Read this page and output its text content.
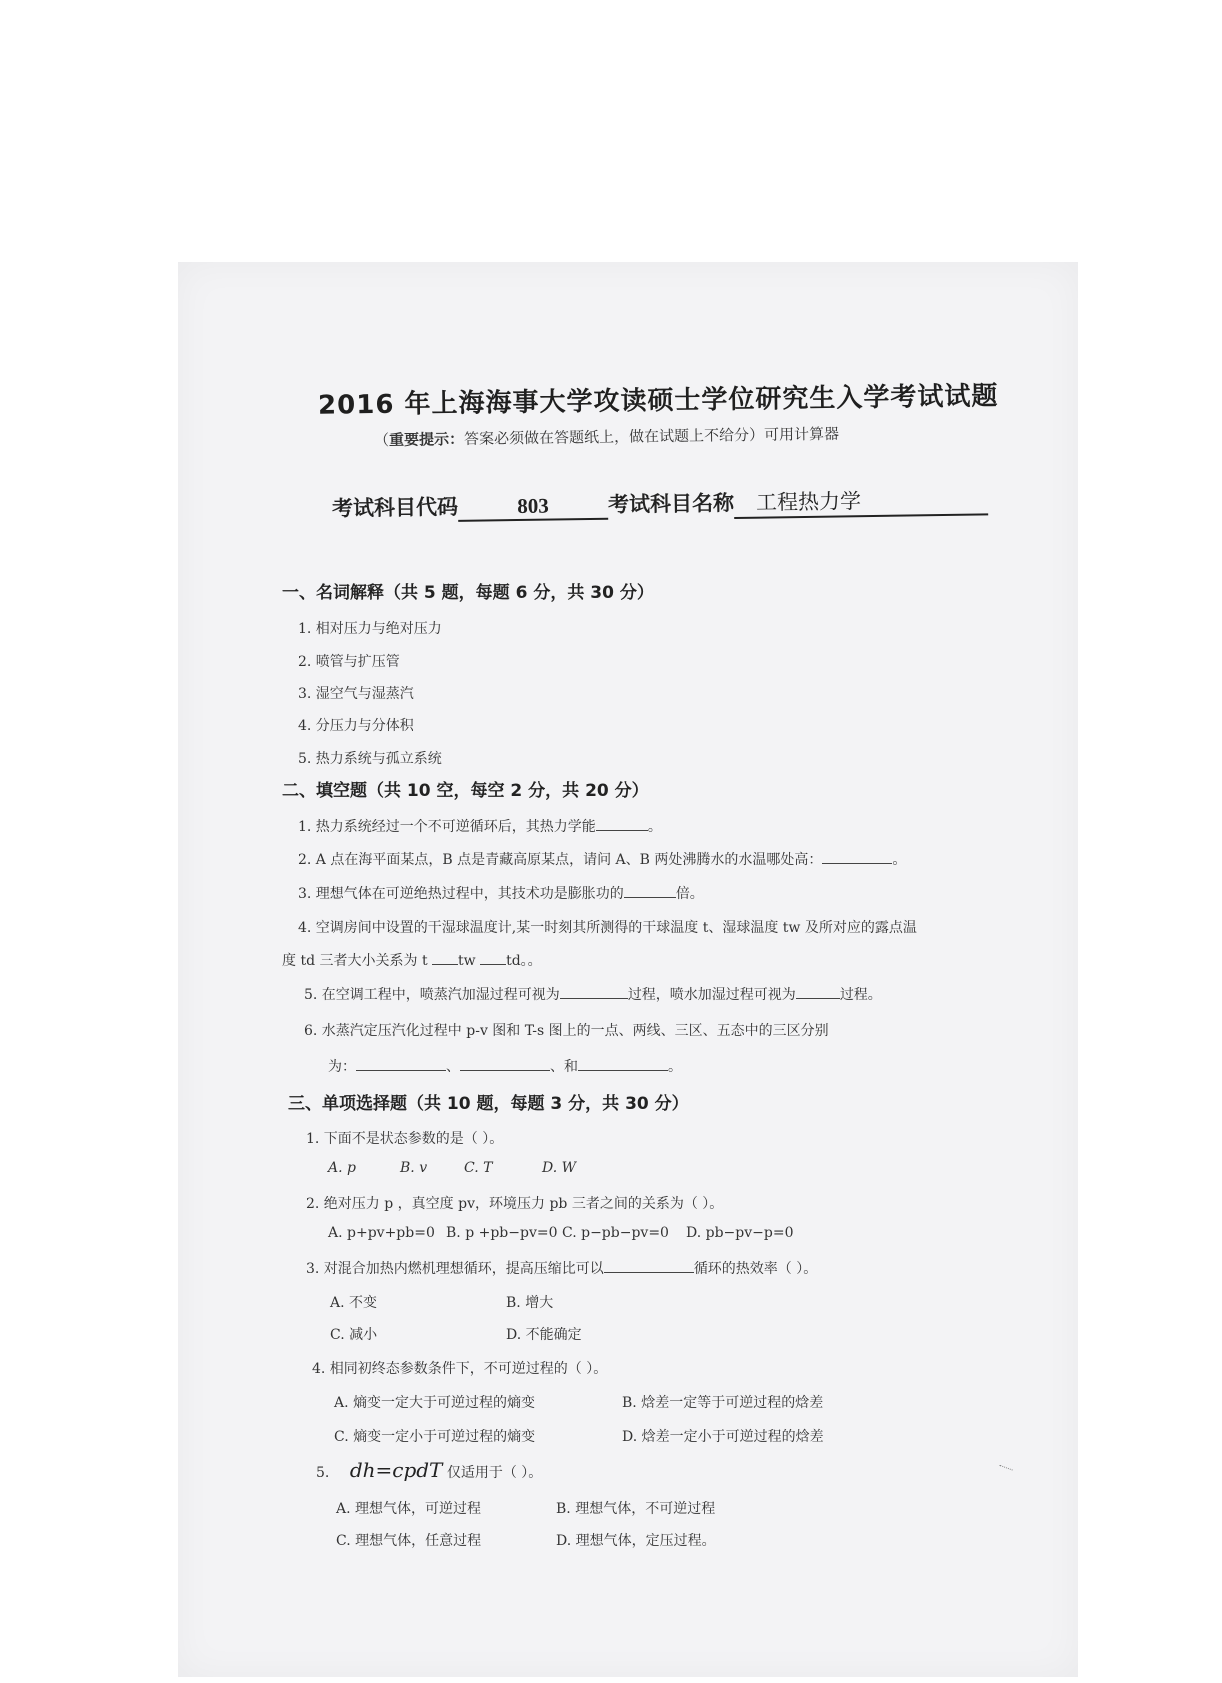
2016 年上海海事大学攻读硕士学位研究生入学考试试题
（重要提示：答案必须做在答题纸上，做在试题上不给分）可用计算器
考试科目代码	803	考试科目名称 工程热力学
一、名词解释（共 5 题，每题 6 分，共 30 分）
1. 相对压力与绝对压力
2. 喷管与扩压管
3. 湿空气与湿蒸汽
4. 分压力与分体积
5. 热力系统与孤立系统
二、填空题（共 10 空，每空 2 分，共 20 分）
1. 热力系统经过一个不可逆循环后，其热力学能	。
2. A 点在海平面某点，B 点是青藏高原某点，请问 A、B 两处沸腾水的水温哪处高：	。
3. 理想气体在可逆绝热过程中，其技术功是膨胀功的	倍。
4. 空调房间中设置的干湿球温度计,某一时刻其所测得的干球温度 t、湿球温度 tw 及所对应的露点温
度 td 三者大小关系为 t tw td。。
5. 在空调工程中，喷蒸汽加湿过程可视为	过程，喷水加湿过程可视为	过程。
6. 水蒸汽定压汽化过程中 p-v 图和 T-s 图上的一点、两线、三区、五态中的三区分别
为：	、	、和	。
三、单项选择题（共 10 题，每题 3 分，共 30 分）
1. 下面不是状态参数的是（ ）。
A. p	B. v	C. T	D. W
2. 绝对压力 p ，真空度 pv，环境压力 pb 三者之间的关系为（ ）。
A. p+pv+pb=0 B. p +pb−pv=0 C. p−pb−pv=0 D. pb−pv−p=0
3. 对混合加热内燃机理想循环，提高压缩比可以	循环的热效率（ ）。
A. 不变	B. 增大
C. 减小	D. 不能确定
4. 相同初终态参数条件下，不可逆过程的（ ）。
A. 熵变一定大于可逆过程的熵变	B. 焓差一定等于可逆过程的焓差
C. 熵变一定小于可逆过程的熵变	D. 焓差一定小于可逆过程的焓差
5. dh=cpdT 仅适用于（ ）。
A. 理想气体，可逆过程	B. 理想气体，不可逆过程
C. 理想气体，任意过程	D. 理想气体，定压过程。
